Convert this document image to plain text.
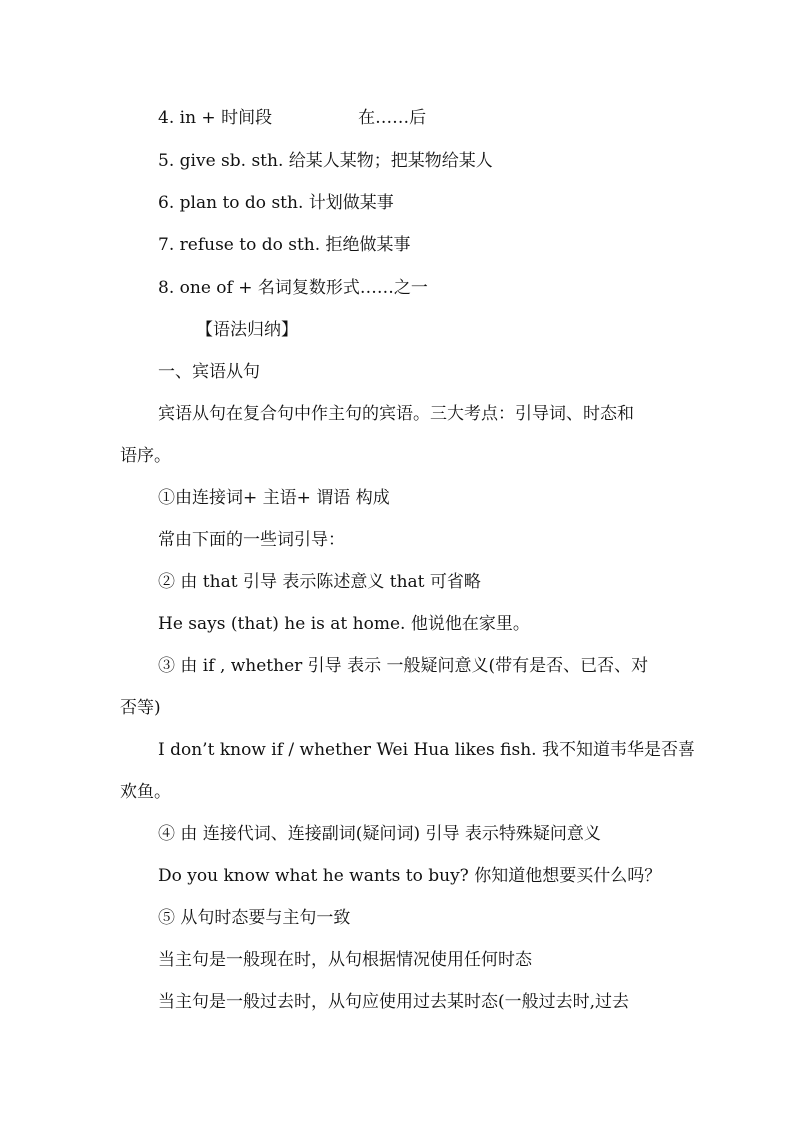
4. in + 时间段	在……后
5. give sb. sth. 给某人某物；把某物给某人
6. plan to do sth. 计划做某事
7. refuse to do sth. 拒绝做某事
8. one of + 名词复数形式……之一
【语法归纳】
一、宾语从句
宾语从句在复合句中作主句的宾语。三大考点：引导词、时态和
语序。
①由连接词+ 主语+ 谓语 构成
常由下面的一些词引导：
② 由 that 引导 表示陈述意义 that 可省略
He says (that) he is at home. 他说他在家里。
③ 由 if , whether 引导 表示 一般疑问意义(带有是否、已否、对
否等)
I don’t know if / whether Wei Hua likes fish. 我不知道韦华是否喜
欢鱼。
④ 由 连接代词、连接副词(疑问词) 引导 表示特殊疑问意义
Do you know what he wants to buy? 你知道他想要买什么吗？
⑤ 从句时态要与主句一致
当主句是一般现在时，从句根据情况使用任何时态
当主句是一般过去时，从句应使用过去某时态(一般过去时,过去
